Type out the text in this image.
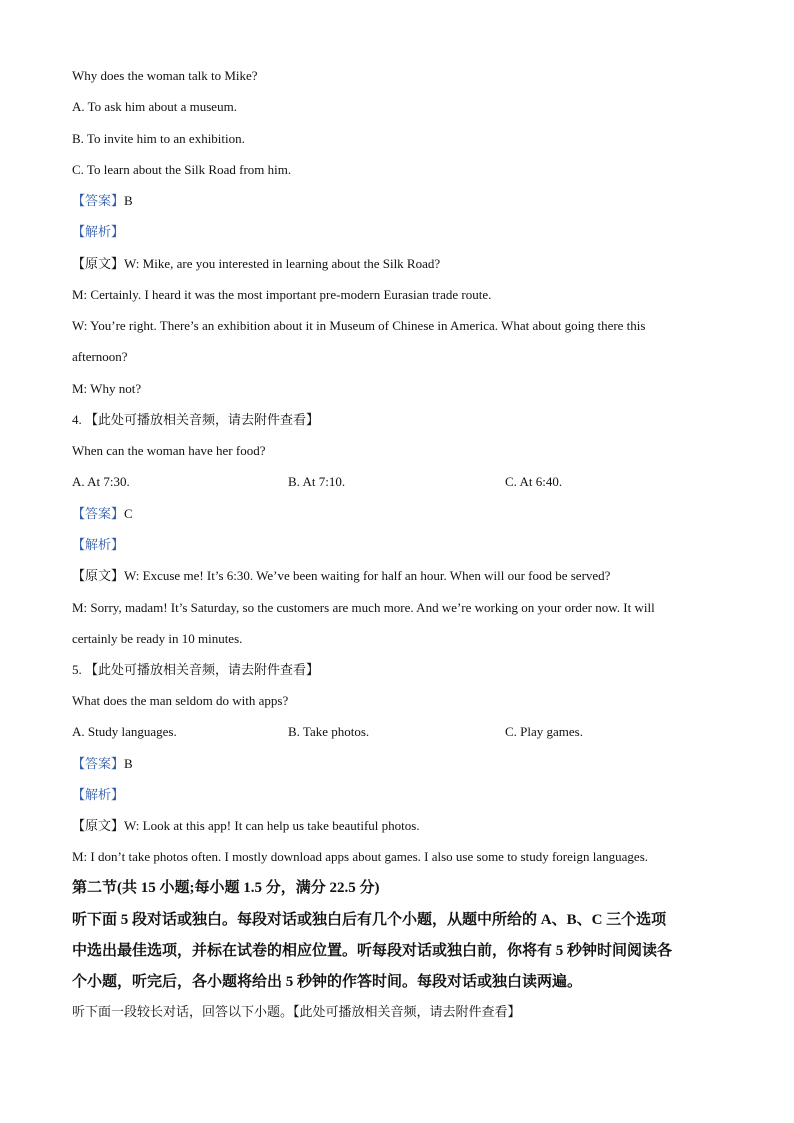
Why does the woman talk to Mike?
A. To ask him about a museum.
B. To invite him to an exhibition.
C. To learn about the Silk Road from him.
【答案】B
【解析】
【原文】W: Mike, are you interested in learning about the Silk Road?
M: Certainly. I heard it was the most important pre-modern Eurasian trade route.
W: You’re right. There’s an exhibition about it in Museum of Chinese in America. What about going there this
afternoon?
M: Why not?
4. 【此处可播放相关音频，请去附件查看】
When can the woman have her food?
A. At 7:30.	B. At 7:10.	C. At 6:40.
【答案】C
【解析】
【原文】W: Excuse me! It’s 6:30. We’ve been waiting for half an hour. When will our food be served?
M: Sorry, madam! It’s Saturday, so the customers are much more. And we’re working on your order now. It will
certainly be ready in 10 minutes.
5. 【此处可播放相关音频，请去附件查看】
What does the man seldom do with apps?
A. Study languages.	B. Take photos.	C. Play games.
【答案】B
【解析】
【原文】W: Look at this app! It can help us take beautiful photos.
M: I don’t take photos often. I mostly download apps about games. I also use some to study foreign languages.
第二节(共 15 小题;每小题 1.5 分，满分 22.5 分)
听下面 5 段对话或独白。每段对话或独白后有几个小题，从题中所给的 A、B、C 三个选项
中选出最佳选项，并标在试卷的相应位置。听每段对话或独白前，你将有 5 秒钟时间阅读各
个小题，听完后，各小题将给出 5 秒钟的作答时间。每段对话或独白读两遍。
听下面一段较长对话，回答以下小题。【此处可播放相关音频，请去附件查看】
